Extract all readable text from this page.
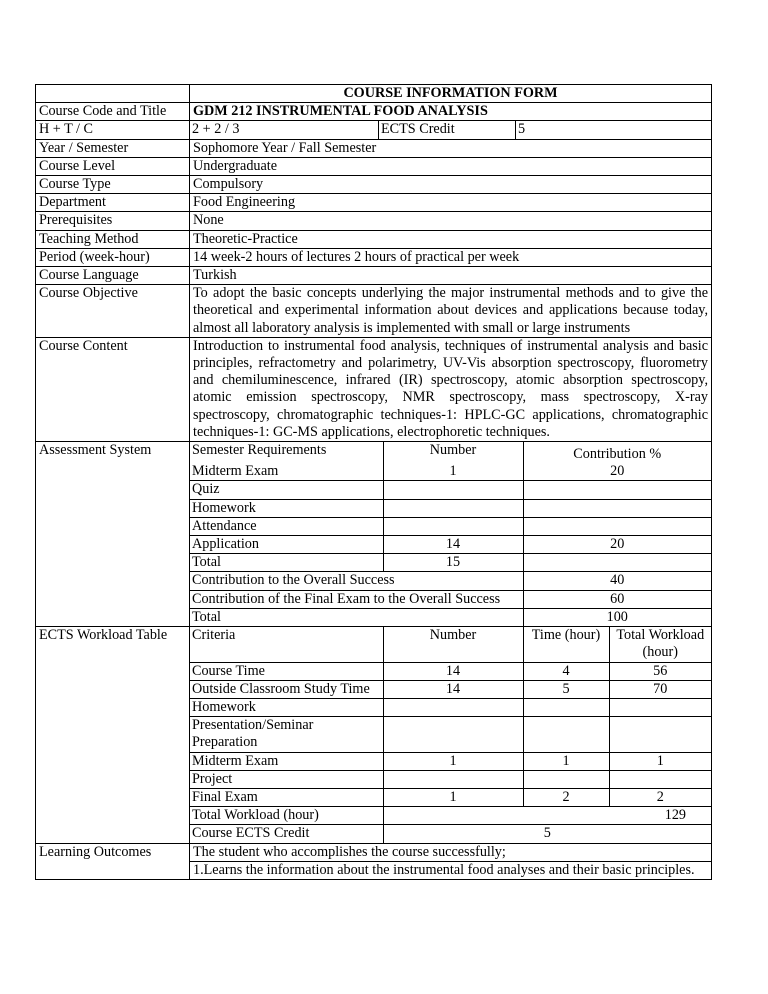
	COURSE INFORMATION FORM
Course Code and Title	GDM 212 INSTRUMENTAL FOOD ANALYSIS
H + T / C		2 + 2 / 3	ECTS Credit	5

Year / Semester	Sophomore Year / Fall Semester
Course Level	Undergraduate
Course Type	Compulsory
Department	Food Engineering
Prerequisites	None
Teaching Method	Theoretic-Practice
Period (week-hour)	14 week-2 hours of lectures 2 hours of practical per week
Course Language	Turkish
Course Objective	To adopt the basic concepts underlying the major instrumental methods and to give the theoretical and experimental information about devices and applications because today, almost all laboratory analysis is implemented with small or large instruments
Course Content	Introduction to instrumental food analysis, techniques of instrumental analysis and basic principles, refractometry and polarimetry, UV-Vis absorption spectroscopy, fluorometry and chemiluminescence, infrared (IR) spectroscopy, atomic absorption spectroscopy, atomic emission spectroscopy, NMR spectroscopy, mass spectroscopy, X-ray spectroscopy, chromatographic techniques-1: HPLC-GC applications, chromatographic techniques-1: GC-MS applications, electrophoretic techniques.
Assessment System		Semester Requirements	Number	Contribution %
Midterm Exam	1	20
Quiz		
Homework		
Attendance		
Application	14	20
Total	15	
Contribution to the Overall Success	40
Contribution of the Final Exam to the Overall Success	60
Total	100

ECTS Workload Table	Criteria	Number	Time (hour)	Total Workload (hour)
Course Time	14	4	56
Outside Classroom Study Time	14	5	70
Homework			
Presentation/Seminar Preparation			
Midterm Exam	1	1	1
Project			
Final Exam	1	2	2
Total Workload (hour)	129
Course ECTS Credit	5

Learning Outcomes	The student who accomplishes the course successfully;
1.Learns the information about the instrumental food analyses and their basic principles.
